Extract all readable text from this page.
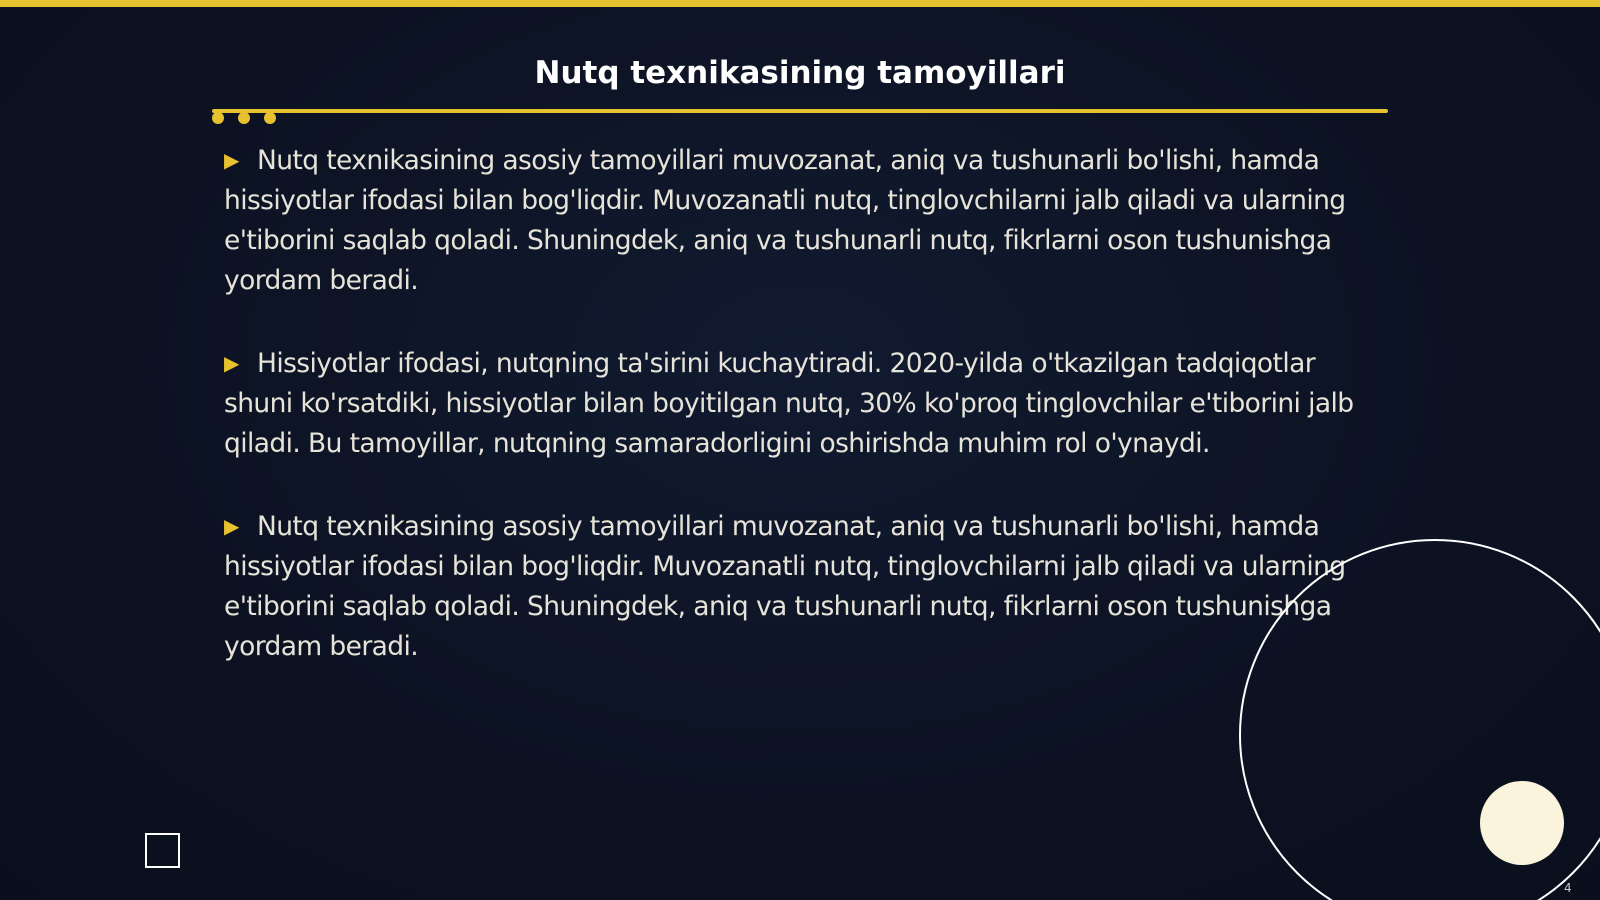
Nutq texnikasining tamoyillari

▶ Nutq texnikasining asosiy tamoyillari muvozanat, aniq va tushunarli bo'lishi, hamda hissiyotlar ifodasi bilan bog'liqdir. Muvozanatli nutq, tinglovchilarni jalb qiladi va ularning e'tiborini saqlab qoladi. Shuningdek, aniq va tushunarli nutq, fikrlarni oson tushunishga yordam beradi.

▶ Hissiyotlar ifodasi, nutqning ta'sirini kuchaytiradi. 2020-yilda o'tkazilgan tadqiqotlar shuni ko'rsatdiki, hissiyotlar bilan boyitilgan nutq, 30% ko'proq tinglovchilar e'tiborini jalb qiladi. Bu tamoyillar, nutqning samaradorligini oshirishda muhim rol o'ynaydi.

▶ Nutq texnikasining asosiy tamoyillari muvozanat, aniq va tushunarli bo'lishi, hamda hissiyotlar ifodasi bilan bog'liqdir. Muvozanatli nutq, tinglovchilarni jalb qiladi va ularning e'tiborini saqlab qoladi. Shuningdek, aniq va tushunarli nutq, fikrlarni oson tushunishga yordam beradi.

4
